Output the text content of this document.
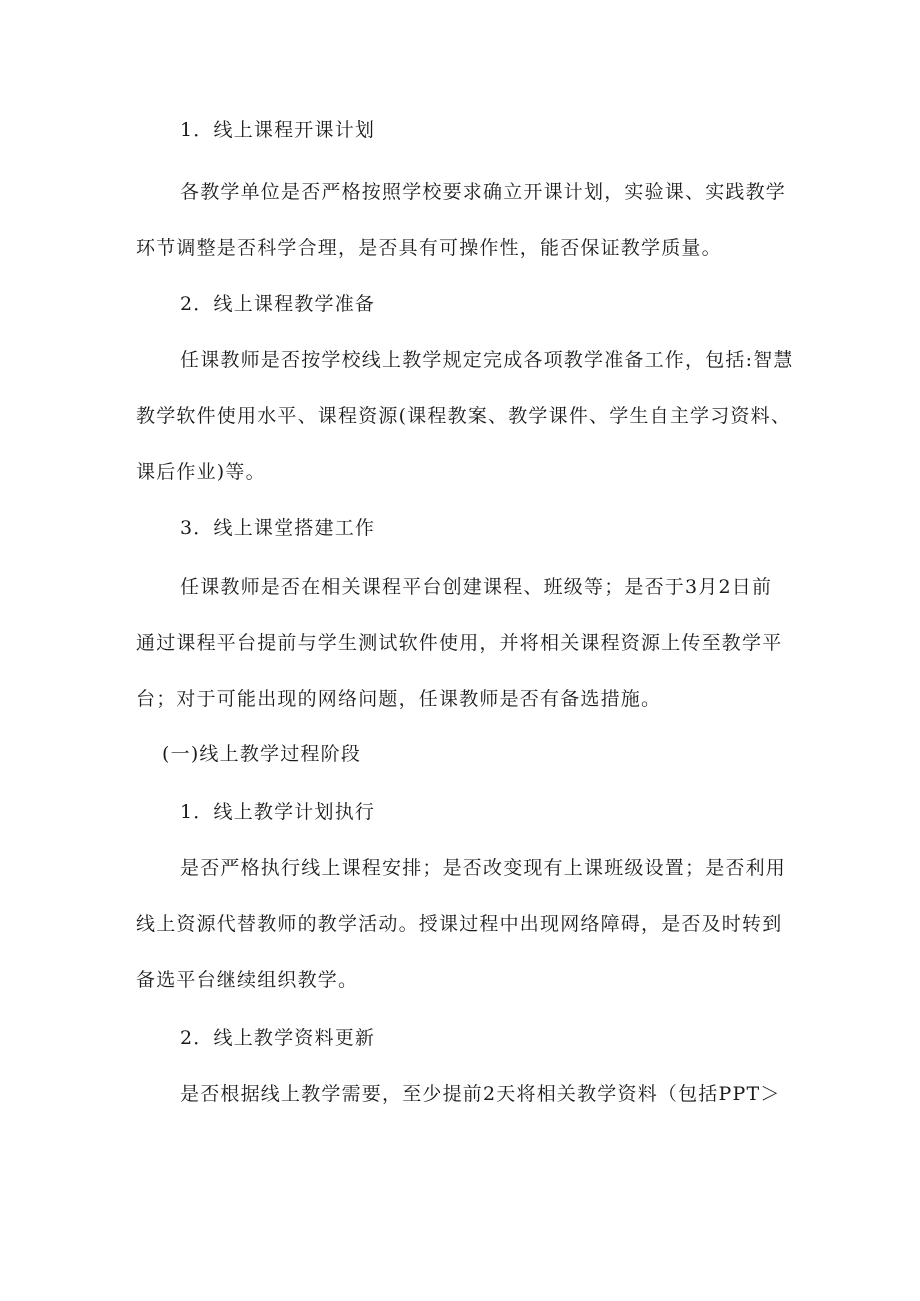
1．线上课程开课计划
各教学单位是否严格按照学校要求确立开课计划，实验课、实践教学
环节调整是否科学合理，是否具有可操作性，能否保证教学质量。
2．线上课程教学准备
任课教师是否按学校线上教学规定完成各项教学准备工作，包括:智慧
教学软件使用水平、课程资源(课程教案、教学课件、学生自主学习资料、
课后作业)等。
3．线上课堂搭建工作
任课教师是否在相关课程平台创建课程、班级等；是否于3月2日前
通过课程平台提前与学生测试软件使用，并将相关课程资源上传至教学平
台；对于可能出现的网络问题，任课教师是否有备选措施。
(一)线上教学过程阶段
1．线上教学计划执行
是否严格执行线上课程安排；是否改变现有上课班级设置；是否利用
线上资源代替教师的教学活动。授课过程中出现网络障碍，是否及时转到
备选平台继续组织教学。
2．线上教学资料更新
是否根据线上教学需要，至少提前2天将相关教学资料（包括PPT＞
